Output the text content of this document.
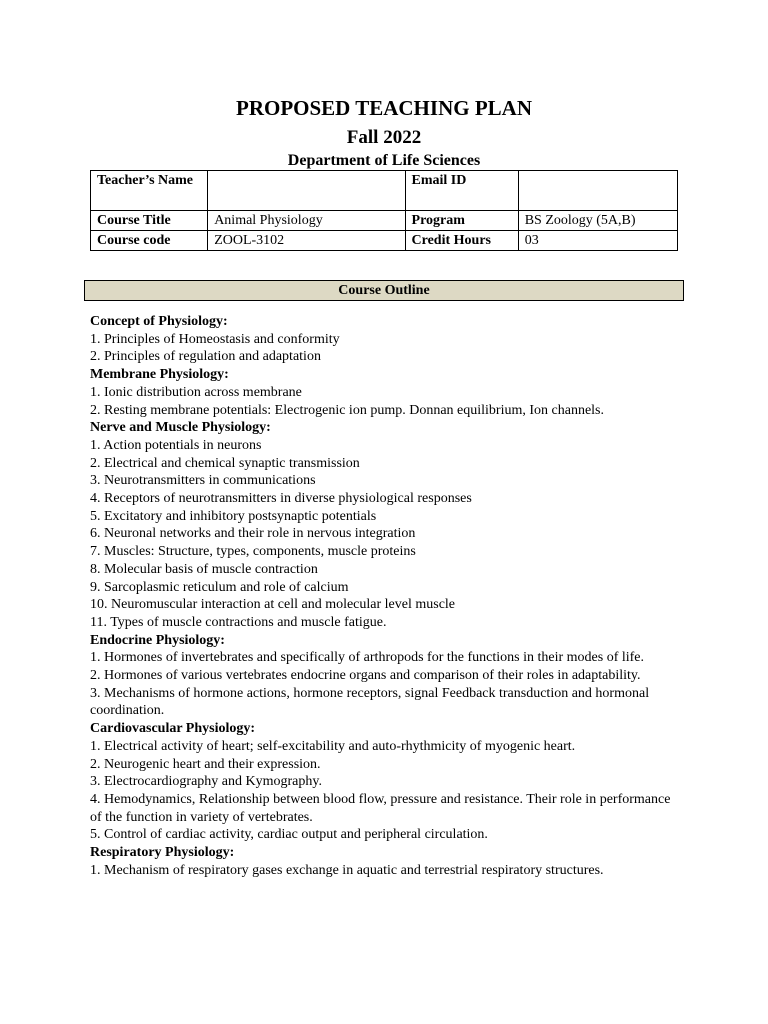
PROPOSED TEACHING PLAN
Fall 2022
Department of Life Sciences
Teacher’s Name		Email ID	
Course Title	Animal Physiology	Program	BS Zoology (5A,B)
Course code	ZOOL-3102	Credit Hours	03
Course Outline
Concept of Physiology:
1. Principles of Homeostasis and conformity
2. Principles of regulation and adaptation
Membrane Physiology:
1. Ionic distribution across membrane
2. Resting membrane potentials: Electrogenic ion pump. Donnan equilibrium, Ion channels.
Nerve and Muscle Physiology:
1. Action potentials in neurons
2. Electrical and chemical synaptic transmission
3. Neurotransmitters in communications
4. Receptors of neurotransmitters in diverse physiological responses
5. Excitatory and inhibitory postsynaptic potentials
6. Neuronal networks and their role in nervous integration
7. Muscles: Structure, types, components, muscle proteins
8. Molecular basis of muscle contraction
9. Sarcoplasmic reticulum and role of calcium
10. Neuromuscular interaction at cell and molecular level muscle
11. Types of muscle contractions and muscle fatigue.
Endocrine Physiology:
1. Hormones of invertebrates and specifically of arthropods for the functions in their modes of life.
2. Hormones of various vertebrates endocrine organs and comparison of their roles in adaptability.
3. Mechanisms of hormone actions, hormone receptors, signal Feedback transduction and hormonal coordination.
Cardiovascular Physiology:
1. Electrical activity of heart; self-excitability and auto-rhythmicity of myogenic heart.
2. Neurogenic heart and their expression.
3. Electrocardiography and Kymography.
4. Hemodynamics, Relationship between blood flow, pressure and resistance. Their role in performance of the function in variety of vertebrates.
5. Control of cardiac activity, cardiac output and peripheral circulation.
Respiratory Physiology:
1. Mechanism of respiratory gases exchange in aquatic and terrestrial respiratory structures.
